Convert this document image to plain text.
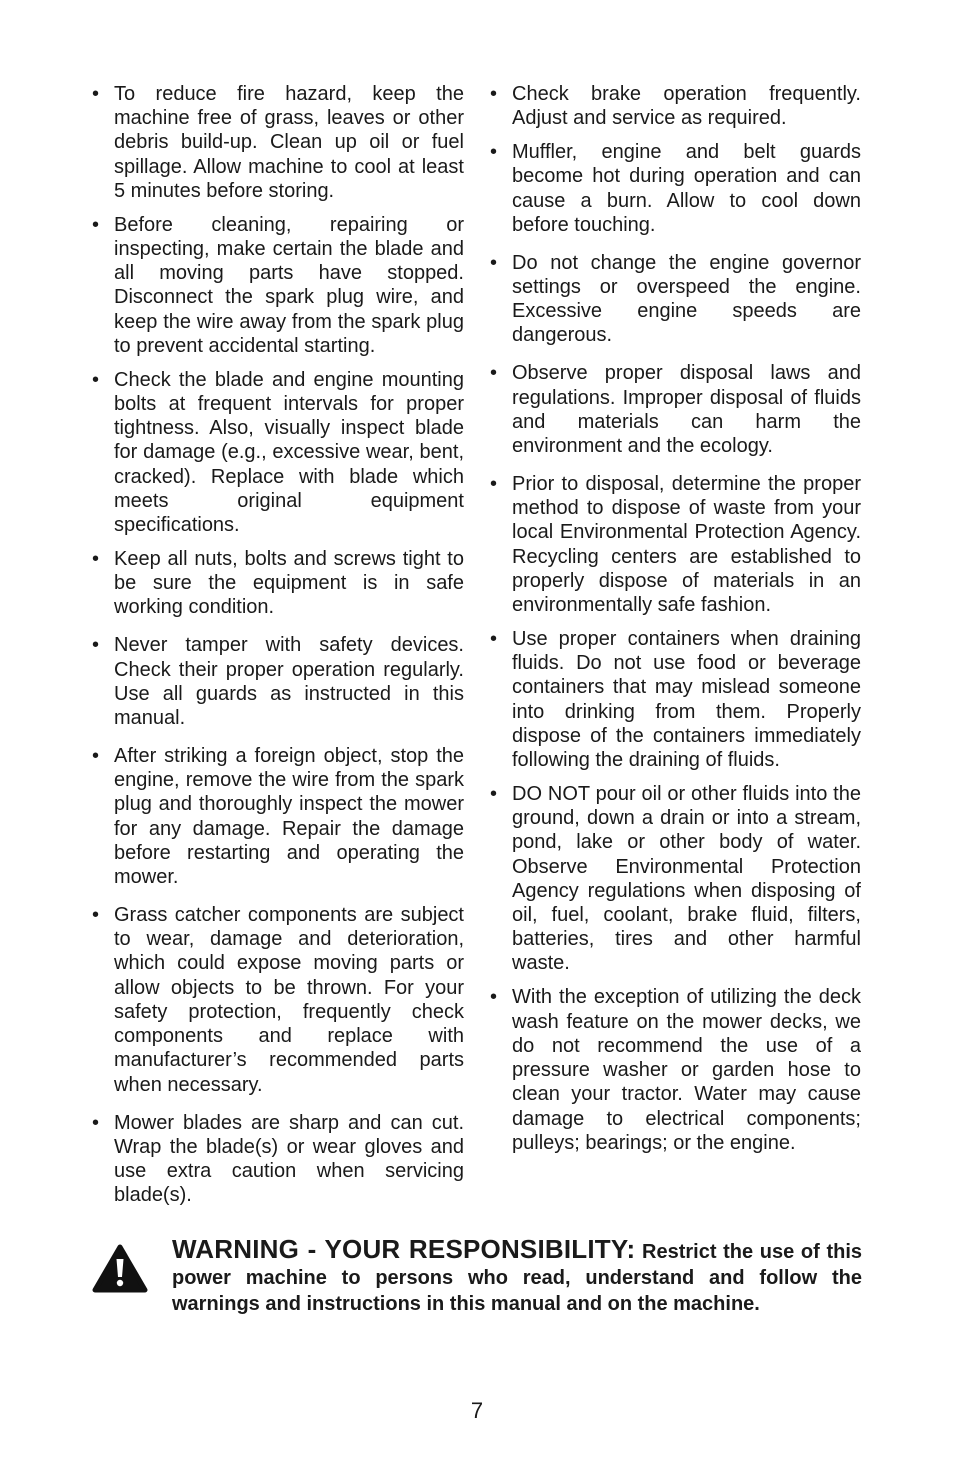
• To reduce fire hazard, keep the machine free of grass, leaves or other debris build-up. Clean up oil or fuel spillage. Allow machine to cool at least 5 minutes before storing.
• Before cleaning, repairing or inspecting, make certain the blade and all moving parts have stopped. Disconnect the spark plug wire, and keep the wire away from the spark plug to prevent accidental starting.
• Check the blade and engine mounting bolts at frequent intervals for proper tightness. Also, visually inspect blade for damage (e.g., excessive wear, bent, cracked). Replace with blade which meets original equipment specifications.
• Keep all nuts, bolts and screws tight to be sure the equipment is in safe working condition.
• Never tamper with safety devices. Check their proper operation regularly. Use all guards as instructed in this manual.
• After striking a foreign object, stop the engine, remove the wire from the spark plug and thoroughly inspect the mower for any damage. Repair the damage before restarting and operating the mower.
• Grass catcher components are subject to wear, damage and deterioration, which could expose moving parts or allow objects to be thrown. For your safety protection, frequently check components and replace with manufacturer’s recommended parts when necessary.
• Mower blades are sharp and can cut. Wrap the blade(s) or wear gloves and use extra caution when servicing blade(s).
• Check brake operation frequently. Adjust and service as required.
• Muffler, engine and belt guards become hot during operation and can cause a burn. Allow to cool down before touching.
• Do not change the engine governor settings or overspeed the engine. Excessive engine speeds are dangerous.
• Observe proper disposal laws and regulations. Improper disposal of fluids and materials can harm the environment and the ecology.
• Prior to disposal, determine the proper method to dispose of waste from your local Environmental Protection Agency. Recycling centers are established to properly dispose of materials in an environmentally safe fashion.
• Use proper containers when draining fluids. Do not use food or beverage containers that may mislead someone into drinking from them. Properly dispose of the containers immediately following the draining of fluids.
• DO NOT pour oil or other fluids into the ground, down a drain or into a stream, pond, lake or other body of water. Observe Environmental Protection Agency regulations when disposing of oil, fuel, coolant, brake fluid, filters, batteries, tires and other harmful waste.
• With the exception of utilizing the deck wash feature on the mower decks, we do not recommend the use of a pressure washer or garden hose to clean your tractor. Water may cause damage to electrical components; pulleys; bearings; or the engine.
WARNING - YOUR RESPONSIBILITY: Restrict the use of this power machine to persons who read, understand and follow the warnings and instructions in this manual and on the machine.
7
